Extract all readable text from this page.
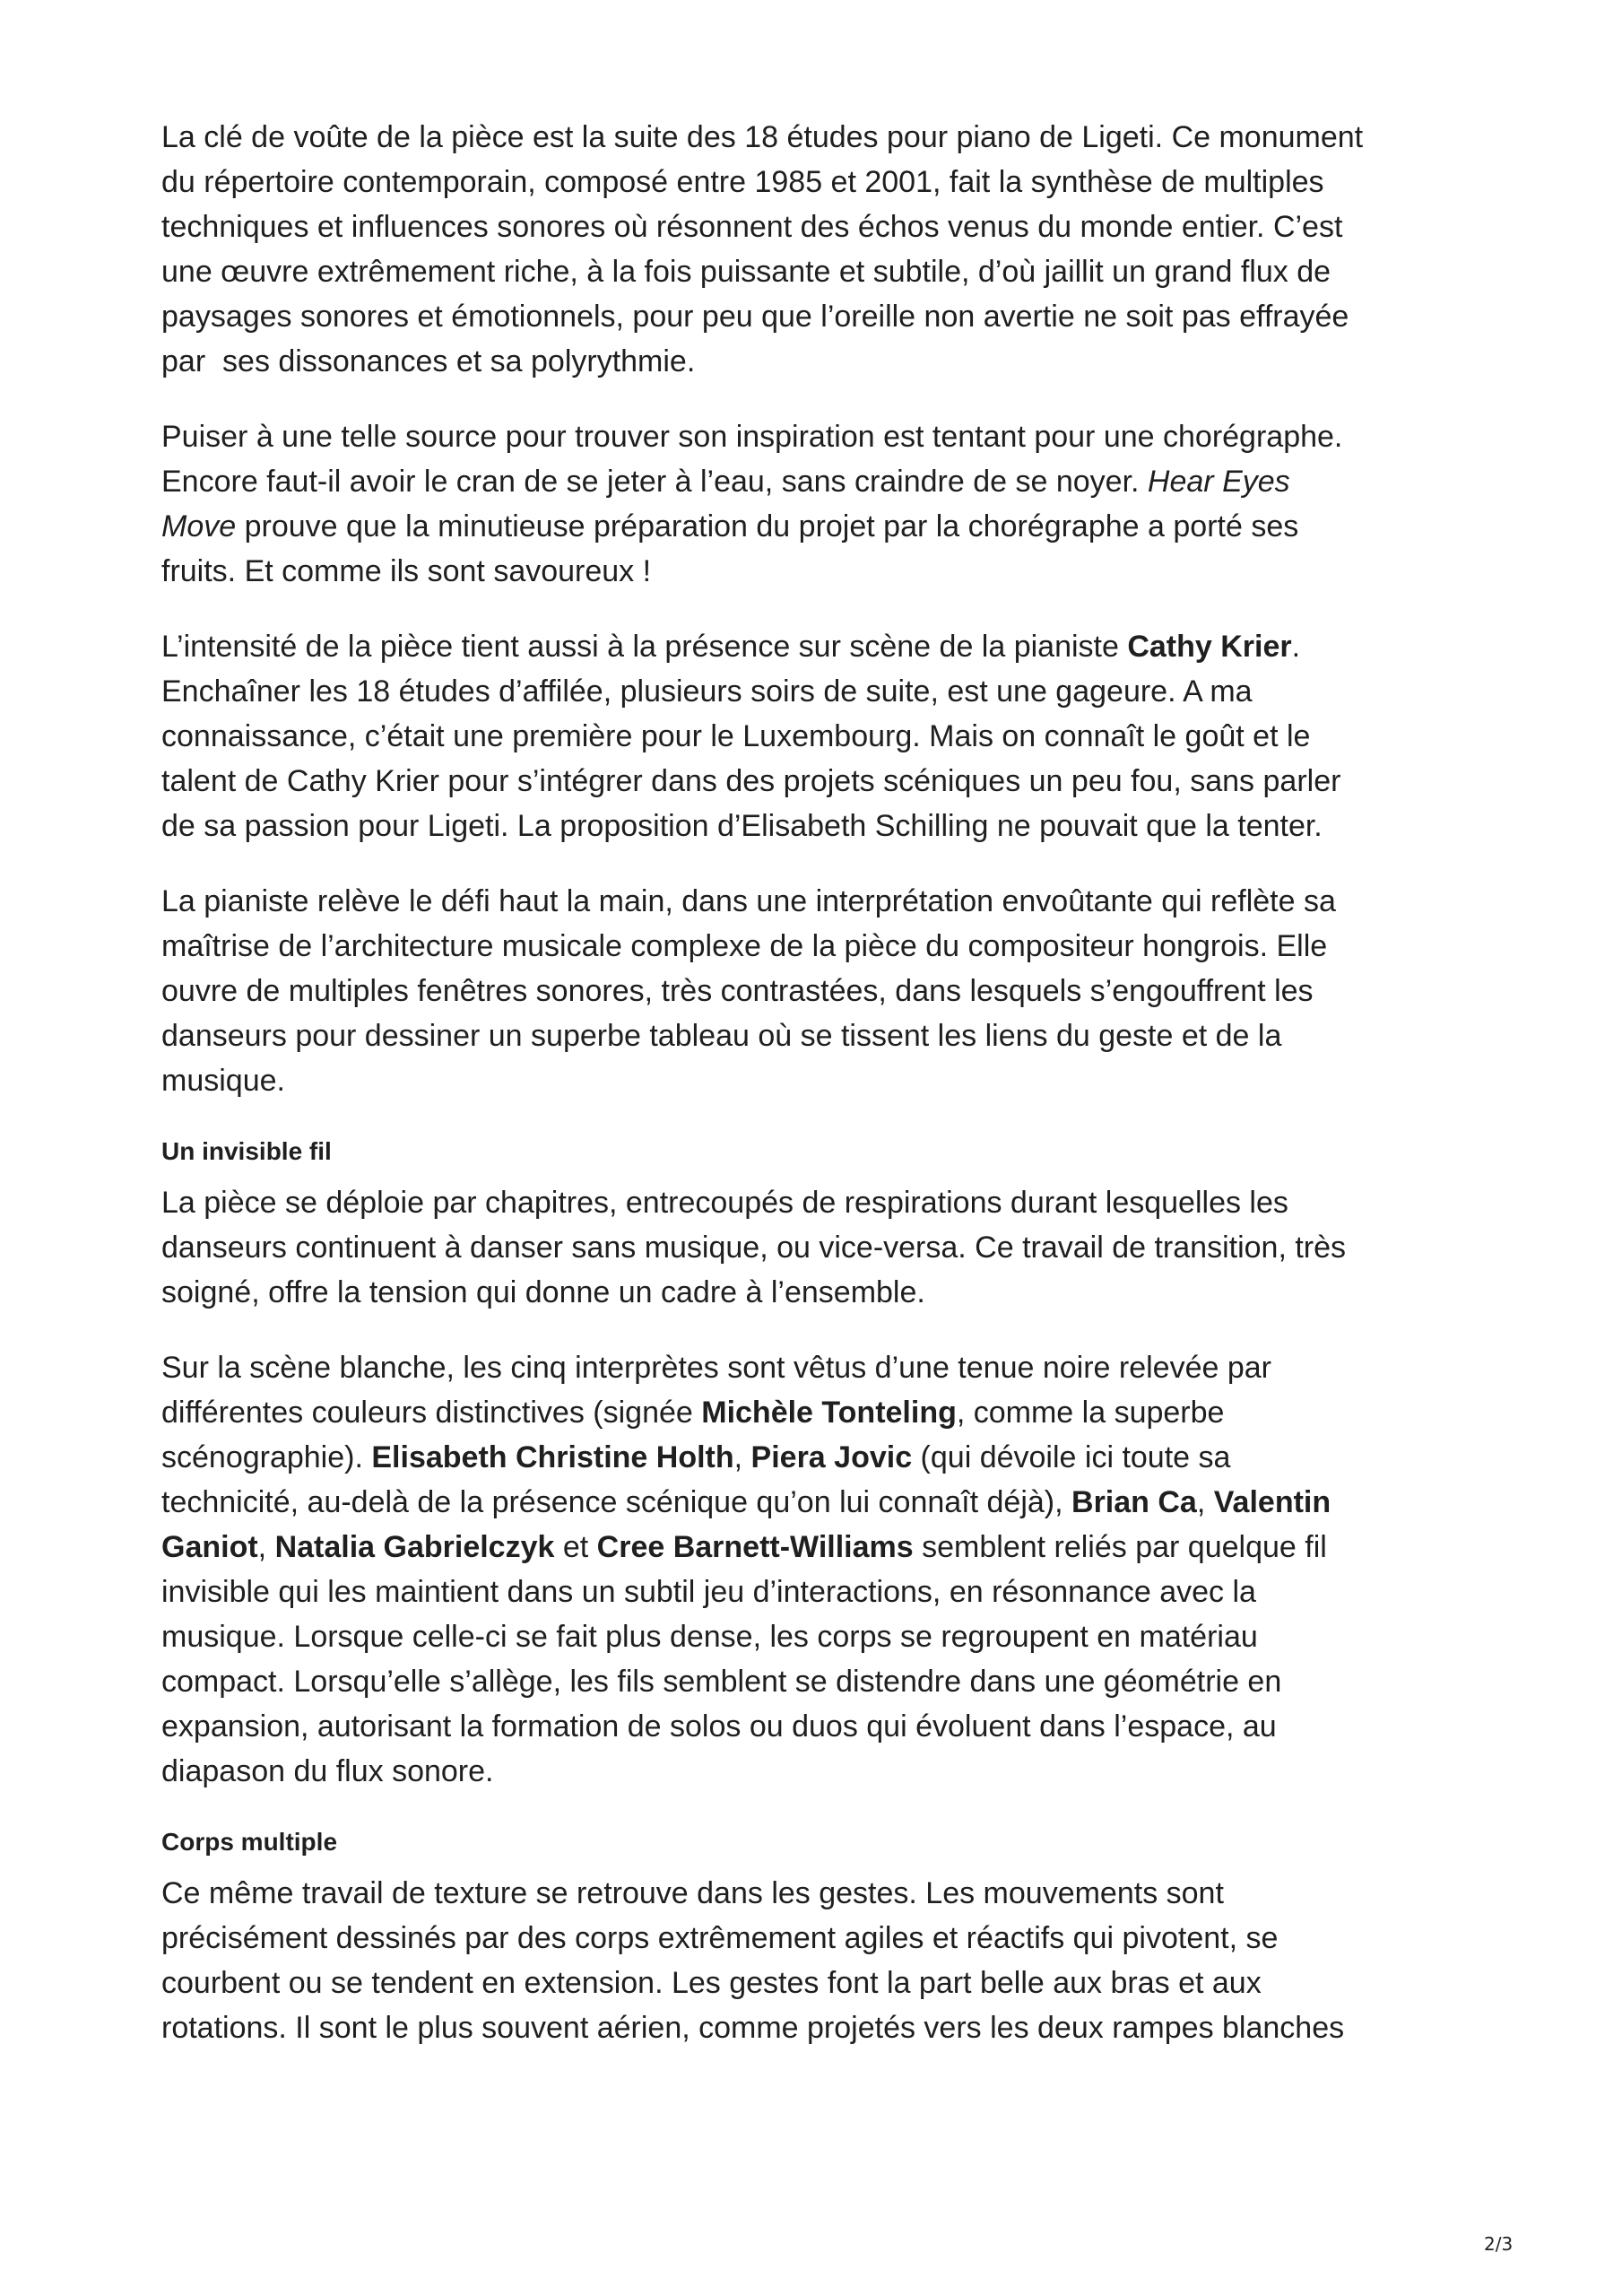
La clé de voûte de la pièce est la suite des 18 études pour piano de Ligeti. Ce monument
du répertoire contemporain, composé entre 1985 et 2001, fait la synthèse de multiples
techniques et influences sonores où résonnent des échos venus du monde entier. C’est
une œuvre extrêmement riche, à la fois puissante et subtile, d’où jaillit un grand flux de
paysages sonores et émotionnels, pour peu que l’oreille non avertie ne soit pas effrayée
par  ses dissonances et sa polyrythmie.

Puiser à une telle source pour trouver son inspiration est tentant pour une chorégraphe.
Encore faut-il avoir le cran de se jeter à l’eau, sans craindre de se noyer. Hear Eyes
Move prouve que la minutieuse préparation du projet par la chorégraphe a porté ses
fruits. Et comme ils sont savoureux !

L’intensité de la pièce tient aussi à la présence sur scène de la pianiste Cathy Krier.
Enchaîner les 18 études d’affilée, plusieurs soirs de suite, est une gageure. A ma
connaissance, c’était une première pour le Luxembourg. Mais on connaît le goût et le
talent de Cathy Krier pour s’intégrer dans des projets scéniques un peu fou, sans parler
de sa passion pour Ligeti. La proposition d’Elisabeth Schilling ne pouvait que la tenter.

La pianiste relève le défi haut la main, dans une interprétation envoûtante qui reflète sa
maîtrise de l’architecture musicale complexe de la pièce du compositeur hongrois. Elle
ouvre de multiples fenêtres sonores, très contrastées, dans lesquels s’engouffrent les
danseurs pour dessiner un superbe tableau où se tissent les liens du geste et de la
musique.

Un invisible fil

La pièce se déploie par chapitres, entrecoupés de respirations durant lesquelles les
danseurs continuent à danser sans musique, ou vice-versa. Ce travail de transition, très
soigné, offre la tension qui donne un cadre à l’ensemble.

Sur la scène blanche, les cinq interprètes sont vêtus d’une tenue noire relevée par
différentes couleurs distinctives (signée Michèle Tonteling, comme la superbe
scénographie). Elisabeth Christine Holth, Piera Jovic (qui dévoile ici toute sa
technicité, au-delà de la présence scénique qu’on lui connaît déjà), Brian Ca, Valentin
Ganiot, Natalia Gabrielczyk et Cree Barnett-Williams semblent reliés par quelque fil
invisible qui les maintient dans un subtil jeu d’interactions, en résonnance avec la
musique. Lorsque celle-ci se fait plus dense, les corps se regroupent en matériau
compact. Lorsqu’elle s’allège, les fils semblent se distendre dans une géométrie en
expansion, autorisant la formation de solos ou duos qui évoluent dans l’espace, au
diapason du flux sonore.

Corps multiple

Ce même travail de texture se retrouve dans les gestes. Les mouvements sont
précisément dessinés par des corps extrêmement agiles et réactifs qui pivotent, se
courbent ou se tendent en extension. Les gestes font la part belle aux bras et aux
rotations. Il sont le plus souvent aérien, comme projetés vers les deux rampes blanches

2/3
